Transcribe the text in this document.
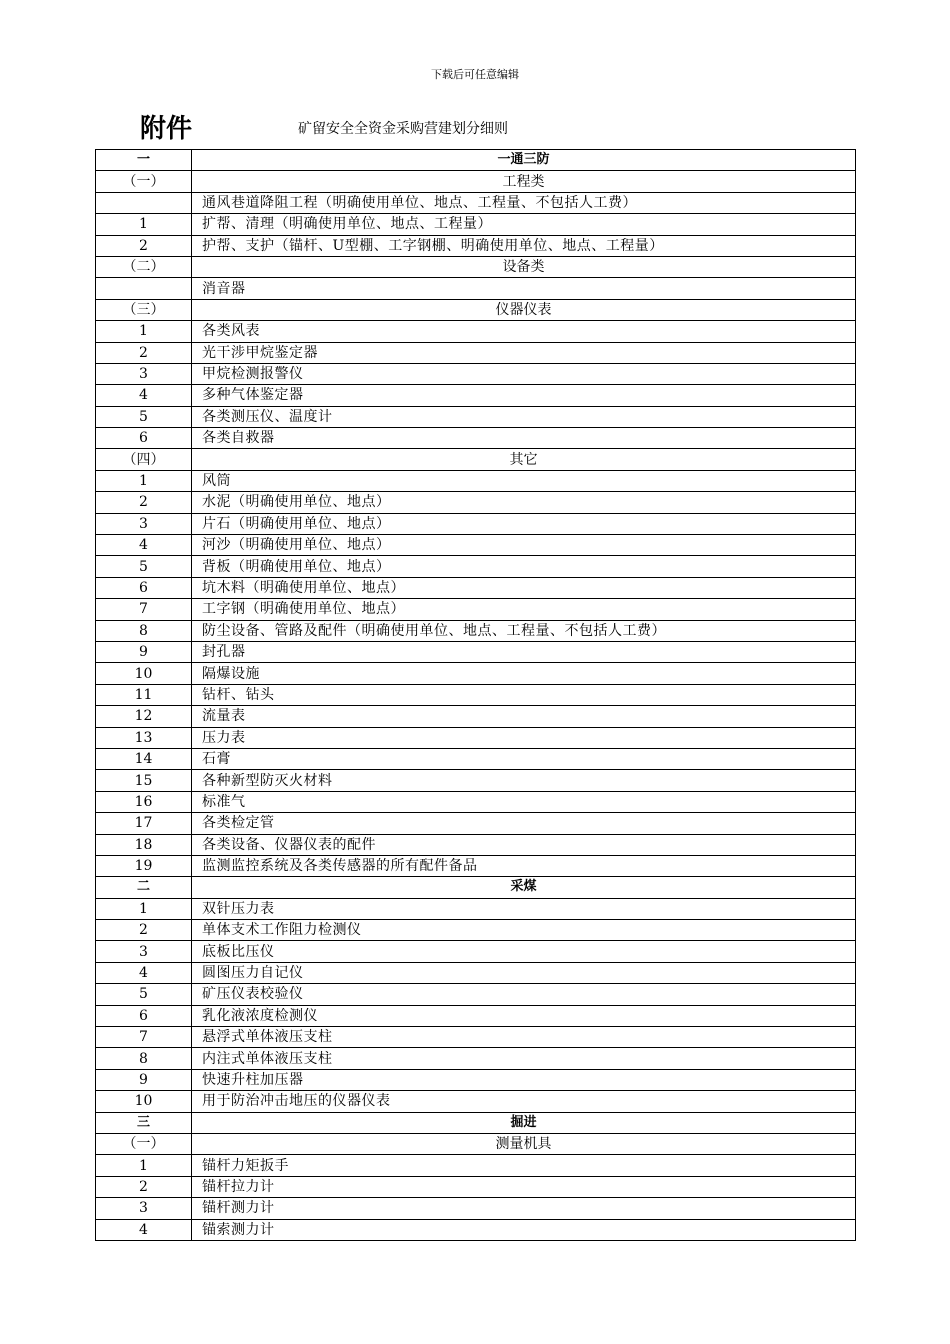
下载后可任意编辑
附件	矿留安全全资金采购营建划分细则
一	一通三防
（一）	工程类
	通风巷道降阻工程（明确使用单位、地点、工程量、不包括人工费）
1	扩帮、清理（明确使用单位、地点、工程量）
2	护帮、支护（锚杆、U型棚、工字钢棚、明确使用单位、地点、工程量）
（二）	设备类
	消音器
（三）	仪器仪表
1	各类风表
2	光干涉甲烷鉴定器
3	甲烷检测报警仪
4	多种气体鉴定器
5	各类测压仪、温度计
6	各类自救器
（四）	其它
1	风筒
2	水泥（明确使用单位、地点）
3	片石（明确使用单位、地点）
4	河沙（明确使用单位、地点）
5	背板（明确使用单位、地点）
6	坑木料（明确使用单位、地点）
7	工字钢（明确使用单位、地点）
8	防尘设备、管路及配件（明确使用单位、地点、工程量、不包括人工费）
9	封孔器
10	隔爆设施
11	钻杆、钻头
12	流量表
13	压力表
14	石膏
15	各种新型防灭火材料
16	标准气
17	各类检定管
18	各类设备、仪器仪表的配件
19	监测监控系统及各类传感器的所有配件备品
二	采煤
1	双针压力表
2	单体支术工作阻力检测仪
3	底板比压仪
4	圆图压力自记仪
5	矿压仪表校验仪
6	乳化液浓度检测仪
7	悬浮式单体液压支柱
8	内注式单体液压支柱
9	快速升柱加压器
10	用于防治冲击地压的仪器仪表
三	掘进
（一）	测量机具
1	锚杆力矩扳手
2	锚杆拉力计
3	锚杆测力计
4	锚索测力计
